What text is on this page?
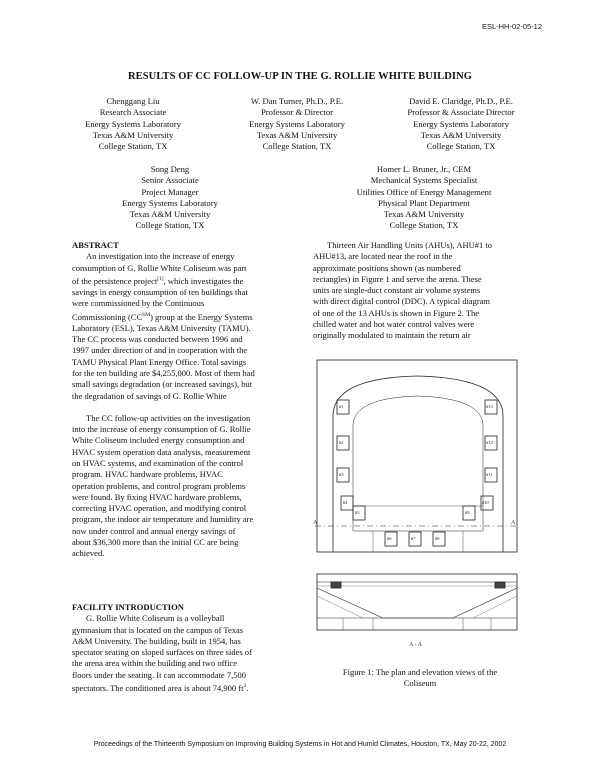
ESL-HH-02-05-12
RESULTS OF CC FOLLOW-UP IN THE G. ROLLIE WHITE BUILDING
Chenggang Liu
Research Associate
Energy Systems Laboratory
Texas A&M University
College Station, TX
W. Dan Turner, Ph.D., P.E.
Professor & Director
Energy Systems Laboratory
Texas A&M University
College Station, TX
David E. Claridge, Ph.D., P.E.
Professor & Associate Director
Energy Systems Laboratory
Texas A&M University
College Station, TX
Song Deng
Senior Associate
Project Manager
Energy Systems Laboratory
Texas A&M University
College Station, TX
Homer L. Bruner, Jr., CEM
Mechanical Systems Specialist
Utilities Office of Energy Management
Physical Plant Department
Texas A&M University
College Station, TX
ABSTRACT
An investigation into the increase of energy
consumption of G. Rollie White Coliseum was part
of the persistence project[1], which investigates the
savings in energy consumption of ten buildings that
were commissioned by the Continuous
Commissioning (CC℠) group at the Energy Systems
Laboratory (ESL), Texas A&M University (TAMU).
The CC process was conducted between 1996 and
1997 under direction of and in cooperation with the
TAMU Physical Plant Energy Office. Total savings
for the ten building are $4,255,000. Most of them had
small savings degradation (or increased savings), but
the degradation of savings of G. Rollie White
The CC follow-up activities on the investigation
into the increase of energy consumption of G. Rollie
White Coliseum included energy consumption and
HVAC system operation data analysis, measurement
on HVAC systems, and examination of the control
program. HVAC hardware problems, HVAC
operation problems, and control program problems
were found. By fixing HVAC hardware problems,
correcting HVAC operation, and modifying control
program, the indoor air temperature and humidity are
now under control and annual energy savings of
about $36,300 more than the initial CC are being
achieved.
FACILITY INTRODUCTION
G. Rollie White Coliseum is a volleyball
gymnasium that is located on the campus of Texas
A&M University. The building, built in 1954, has
spectator seating on sloped surfaces on three sides of
the arena area within the building and two office
floors under the seating. It can accommodate 7,500
spectators. The conditioned area is about 74,900 $ft^2$.
Thirteen Air Handling Units (AHUs), AHU#1 to
AHU#13, are located near the roof in the
approximate positions shown (as numbered
rectangles) in Figure 1 and serve the arena. These
units are single-duct constant air volume systems
with direct digital control (DDC). A typical diagram
of one of the 13 AHUs is shown in Figure 2. The
chilled water and hot water control valves were
originally modulated to maintain the return air
A	A
#1	#13
#2	#12
#3	#11
#4	#10
#5	#9
#6	#8
#7
A - A
Figure 1: The plan and elevation views of the
Coliseum
Proceedings of the Thirteenth Symposium on Improving Building Systems in Hot and Humid Climates, Houston, TX, May 20-22, 2002
